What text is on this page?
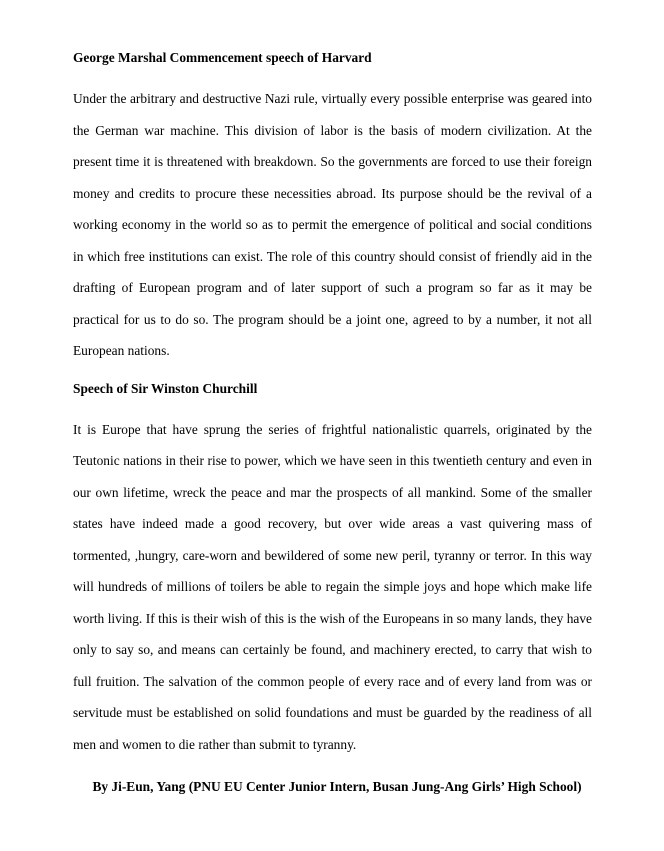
George Marshal Commencement speech of Harvard

Under the arbitrary and destructive Nazi rule, virtually every possible enterprise was geared into the German war machine. This division of labor is the basis of modern civilization. At the present time it is threatened with breakdown. So the governments are forced to use their foreign money and credits to procure these necessities abroad. Its purpose should be the revival of a working economy in the world so as to permit the emergence of political and social conditions in which free institutions can exist. The role of this country should consist of friendly aid in the drafting of European program and of later support of such a program so far as it may be practical for us to do so. The program should be a joint one, agreed to by a number, it not all European nations.

Speech of Sir Winston Churchill

It is Europe that have sprung the series of frightful nationalistic quarrels, originated by the Teutonic nations in their rise to power, which we have seen in this twentieth century and even in our own lifetime, wreck the peace and mar the prospects of all mankind. Some of the smaller states have indeed made a good recovery, but over wide areas a vast quivering mass of tormented, ,hungry, care-worn and bewildered of some new peril, tyranny or terror. In this way will hundreds of millions of toilers be able to regain the simple joys and hope which make life worth living. If this is their wish of this is the wish of the Europeans in so many lands, they have only to say so, and means can certainly be found, and machinery erected, to carry that wish to full fruition. The salvation of the common people of every race and of every land from was or servitude must be established on solid foundations and must be guarded by the readiness of all men and women to die rather than submit to tyranny.

By Ji-Eun, Yang (PNU EU Center Junior Intern, Busan Jung-Ang Girls’ High School)
